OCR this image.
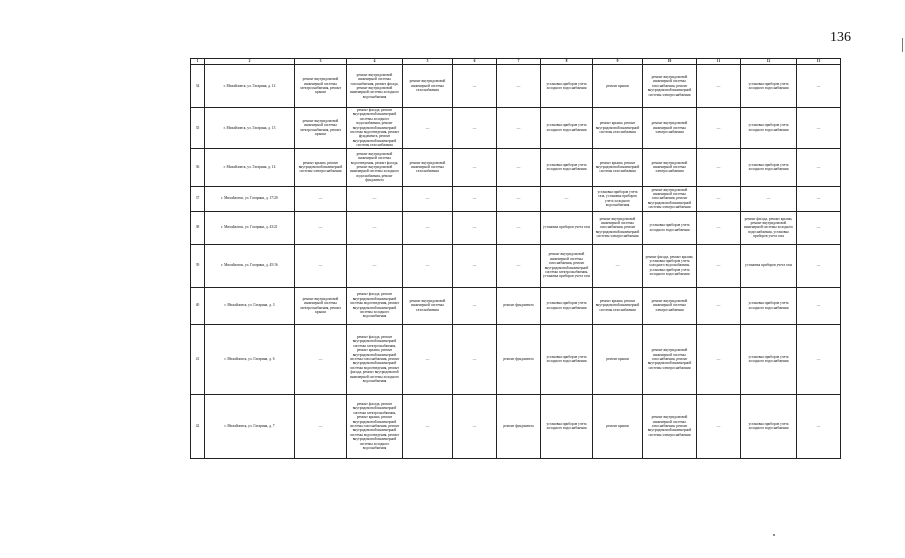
136
1	2	3	4	5	6	7	8	9	10	11	12	13
34	г. Михайловск, ул. Гагарина, д. 12	ремонт внутридомовой инженерной системы электроснабжения, ремонт крыши	ремонт внутридомовой инженерной системы газоснабжения, ремонт фасада, ремонт внутридомовой инженерной системы холодного водоснабжения	ремонт внутридомовой инженерной системы газоснабжения	—	—	установка приборов учета холодного водоснабжения	ремонт крыши	ремонт внутридомовой инженерной системы газоснабжения, ремонт внутридомовой инженерной системы электроснабжения	—	установка приборов учета холодного водоснабжения	—
35	г. Михайловск, ул. Гагарина, д. 13	ремонт внутридомовой инженерной системы электроснабжения, ремонт крыши	ремонт фасада, ремонт внутридомовой инженерной системы холодного водоснабжения, ремонт внутридомовой инженерной системы водоотведения, ремонт фундамента, ремонт внутридомовой инженерной системы газоснабжения	—	—	—	установка приборов учета холодного водоснабжения	ремонт крыши, ремонт внутридомовой инженерной системы газоснабжения	ремонт внутридомовой инженерной системы электроснабжения	—	установка приборов учета холодного водоснабжения	—
36	г. Михайловск, ул. Гагарина, д. 14	ремонт крыши, ремонт внутридомовой инженерной системы электроснабжения	ремонт внутридомовой инженерной системы водоотведения, ремонт фасада, ремонт внутридомовой инженерной системы холодного водоснабжения, ремонт фундамента	ремонт внутридомовой инженерной системы газоснабжения	—	—	установка приборов учета холодного водоснабжения	ремонт крыши, ремонт внутридомовой инженерной системы газоснабжения	ремонт внутридомовой инженерной системы электроснабжения	—	установка приборов учета холодного водоснабжения	—
37	г. Михайловск, ул. Гагарина, д. 17/20	—	—	—	—	—	—	установка приборов учета газа, установка приборов учета холодного водоснабжения	ремонт внутридомовой инженерной системы газоснабжения, ремонт внутридомовой инженерной системы электроснабжения	—	—	—
38	г. Михайловск, ул. Гагарина, д. 43/21	—	—	—	—	—	установка приборов учета газа	ремонт внутридомовой инженерной системы газоснабжения, ремонт внутридомовой инженерной системы электроснабжения	установка приборов учета холодного водоснабжения	—	ремонт фасада, ремонт крыши, ремонт внутридомовой инженерной системы холодного водоснабжения, установка приборов учета газа	—
39	г. Михайловск, ул. Гагарина, д. 45/16	—	—	—	—	—	ремонт внутридомовой инженерной системы газоснабжения, ремонт внутридомовой инженерной системы электроснабжения, установка приборов учета газа	—	ремонт фасада, ремонт крыши, установка приборов учета холодного водоснабжения, установка приборов учета холодного водоснабжения	—	установка приборов учета газа	—
40	г. Михайловск, ул. Гагарина, д. 3	ремонт внутридомовой инженерной системы электроснабжения, ремонт крыши	ремонт фасада, ремонт внутридомовой инженерной системы водоотведения, ремонт внутридомовой инженерной системы холодного водоснабжения	ремонт внутридомовой инженерной системы газоснабжения	—	ремонт фундамента	установка приборов учета холодного водоснабжения	ремонт крыши, ремонт внутридомовой инженерной системы газоснабжения	ремонт внутридомовой инженерной системы электроснабжения	—	установка приборов учета холодного водоснабжения	—
41	г. Михайловск, ул. Гагарина, д. 6	—	ремонт фасада, ремонт внутридомовой инженерной системы электроснабжения, ремонт крыши, ремонт внутридомовой инженерной системы газоснабжения, ремонт внутридомовой инженерной системы водоотведения, ремонт фасада, ремонт внутридомовой инженерной системы холодного водоснабжения	—	—	ремонт фундамента	установка приборов учета холодного водоснабжения	ремонт крыши	ремонт внутридомовой инженерной системы газоснабжения, ремонт внутридомовой инженерной системы электроснабжения	—	установка приборов учета холодного водоснабжения	—
42	г. Михайловск, ул. Гагарина, д. 7	—	ремонт фасада, ремонт внутридомовой инженерной системы электроснабжения, ремонт крыши, ремонт внутридомовой инженерной системы газоснабжения, ремонт внутридомовой инженерной системы водоотведения, ремонт внутридомовой инженерной системы холодного водоснабжения	—	—	ремонт фундамента	установка приборов учета холодного водоснабжения	ремонт крыши	ремонт внутридомовой инженерной системы газоснабжения, ремонт внутридомовой инженерной системы электроснабжения	—	установка приборов учета холодного водоснабжения	—
